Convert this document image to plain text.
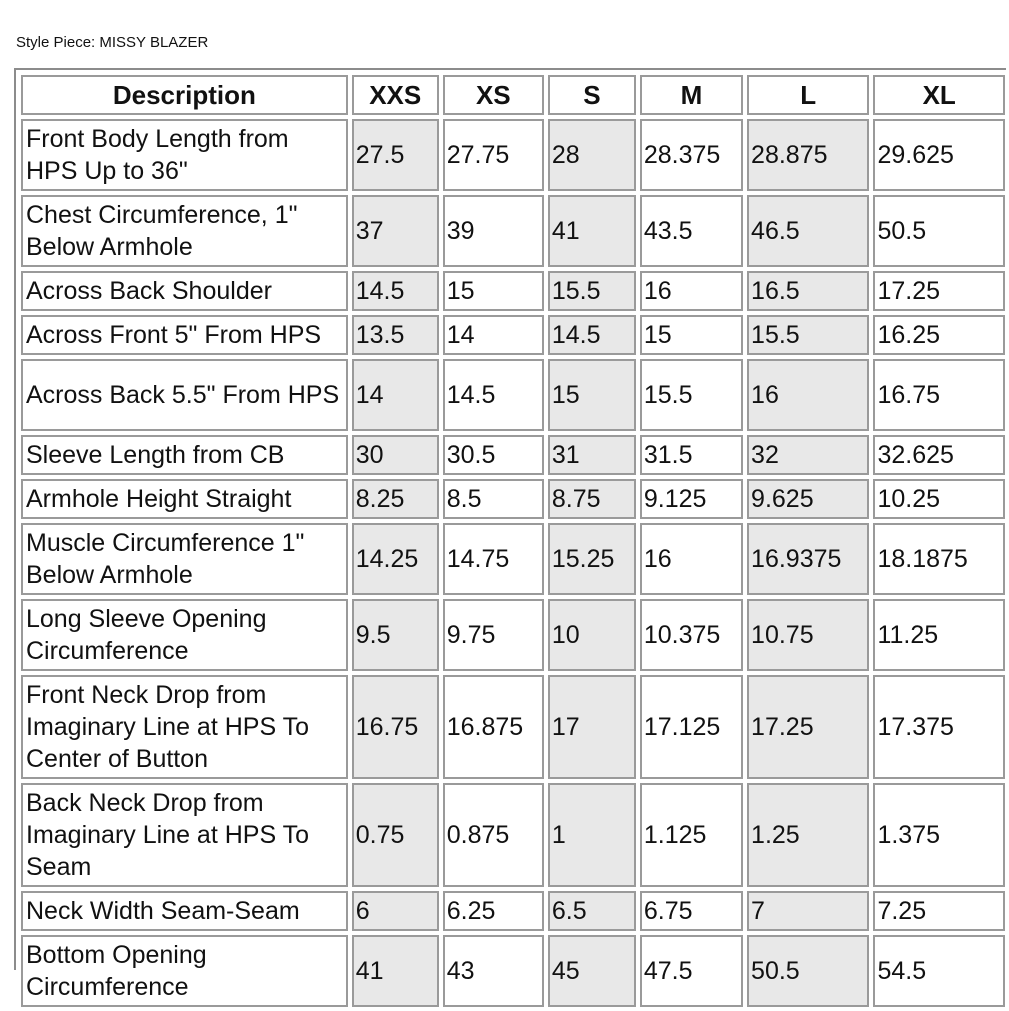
Style Piece: MISSY BLAZER
Description	XXS	XS	S	M	L	XL
Front Body Length from HPS Up to 36"	27.5	27.75	28	28.375	28.875	29.625
Chest Circumference, 1" Below Armhole	37	39	41	43.5	46.5	50.5
Across Back Shoulder	14.5	15	15.5	16	16.5	17.25
Across Front 5" From HPS	13.5	14	14.5	15	15.5	16.25
Across Back 5.5" From HPS	14	14.5	15	15.5	16	16.75
Sleeve Length from CB	30	30.5	31	31.5	32	32.625
Armhole Height Straight	8.25	8.5	8.75	9.125	9.625	10.25
Muscle Circumference 1" Below Armhole	14.25	14.75	15.25	16	16.9375	18.1875
Long Sleeve Opening Circumference	9.5	9.75	10	10.375	10.75	11.25
Front Neck Drop from Imaginary Line at HPS To Center of Button	16.75	16.875	17	17.125	17.25	17.375
Back Neck Drop from Imaginary Line at HPS To Seam	0.75	0.875	1	1.125	1.25	1.375
Neck Width Seam-Seam	6	6.25	6.5	6.75	7	7.25
Bottom Opening Circumference	41	43	45	47.5	50.5	54.5
